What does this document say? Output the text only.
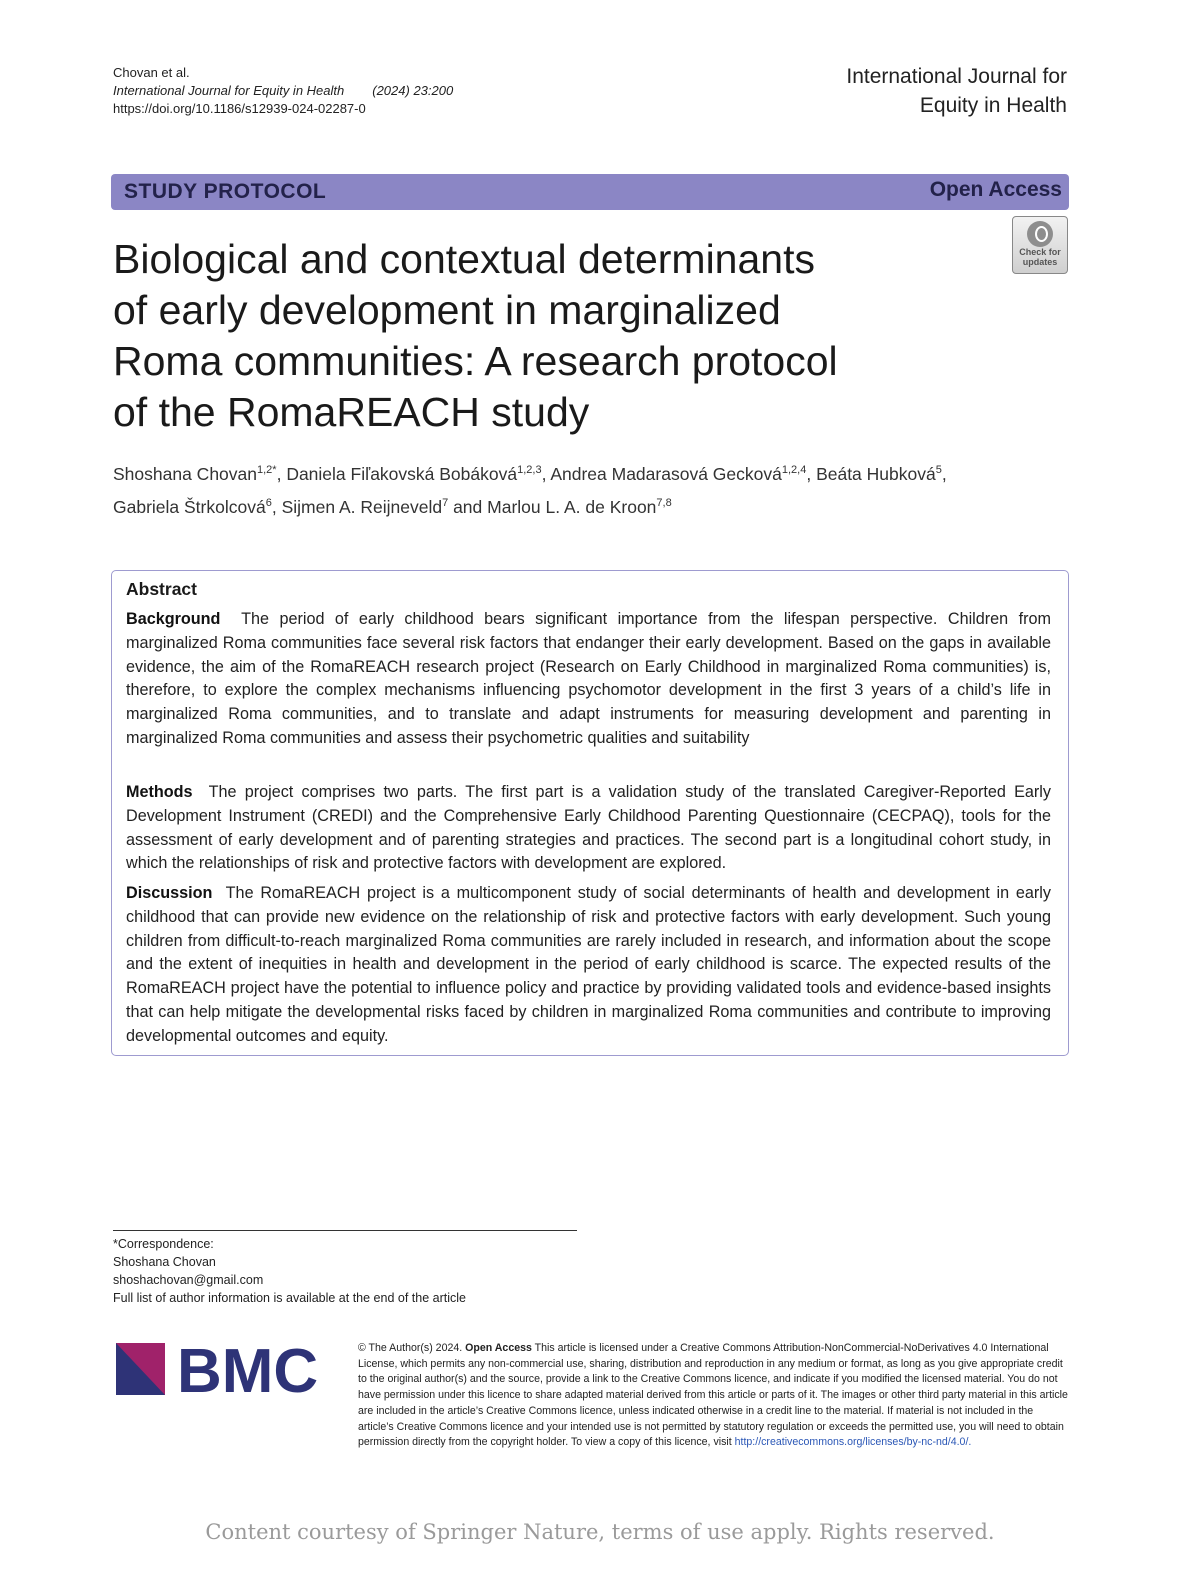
Chovan et al.
International Journal for Equity in Health (2024) 23:200
https://doi.org/10.1186/s12939-024-02287-0
International Journal for
Equity in Health
STUDY PROTOCOL	Open Access
Check for
updates
Biological and contextual determinants
of early development in marginalized
Roma communities: A research protocol
of the RomaREACH study
Shoshana Chovan$^{1,2*}$, Daniela Fiľakovská Bobáková$^{1,2,3}$, Andrea Madarasová Gecková$^{1,2,4}$, Beáta Hubková$^5$,
Gabriela Štrkolcová$^6$, Sijmen A. Reijneveld$^7$ and Marlou L. A. de Kroon$^{7,8}$
Abstract
Background The period of early childhood bears significant importance from the lifespan perspective. Children from marginalized Roma communities face several risk factors that endanger their early development. Based on the gaps in available evidence, the aim of the RomaREACH research project (Research on Early Childhood in marginalized Roma communities) is, therefore, to explore the complex mechanisms influencing psychomotor development in the first 3 years of a child’s life in marginalized Roma communities, and to translate and adapt instruments for measuring development and parenting in marginalized Roma communities and assess their psychometric qualities and suitability
Methods The project comprises two parts. The first part is a validation study of the translated Caregiver-Reported Early Development Instrument (CREDI) and the Comprehensive Early Childhood Parenting Questionnaire (CECPAQ), tools for the assessment of early development and of parenting strategies and practices. The second part is a longitudinal cohort study, in which the relationships of risk and protective factors with development are explored.
Discussion The RomaREACH project is a multicomponent study of social determinants of health and development in early childhood that can provide new evidence on the relationship of risk and protective factors with early development. Such young children from difficult-to-reach marginalized Roma communities are rarely included in research, and information about the scope and the extent of inequities in health and development in the period of early childhood is scarce. The expected results of the RomaREACH project have the potential to influence policy and practice by providing validated tools and evidence-based insights that can help mitigate the developmental risks faced by children in marginalized Roma communities and contribute to improving developmental outcomes and equity.
*Correspondence:
Shoshana Chovan
shoshachovan@gmail.com
Full list of author information is available at the end of the article
BMC	© The Author(s) 2024. Open Access This article is licensed under a Creative Commons Attribution-NonCommercial-NoDerivatives 4.0 International License, which permits any non-commercial use, sharing, distribution and reproduction in any medium or format, as long as you give appropriate credit to the original author(s) and the source, provide a link to the Creative Commons licence, and indicate if you modified the licensed material. You do not have permission under this licence to share adapted material derived from this article or parts of it. The images or other third party material in this article are included in the article’s Creative Commons licence, unless indicated otherwise in a credit line to the material. If material is not included in the article’s Creative Commons licence and your intended use is not permitted by statutory regulation or exceeds the permitted use, you will need to obtain permission directly from the copyright holder. To view a copy of this licence, visit http://creativecommons.org/licenses/by-nc-nd/4.0/.
Content courtesy of Springer Nature, terms of use apply. Rights reserved.
